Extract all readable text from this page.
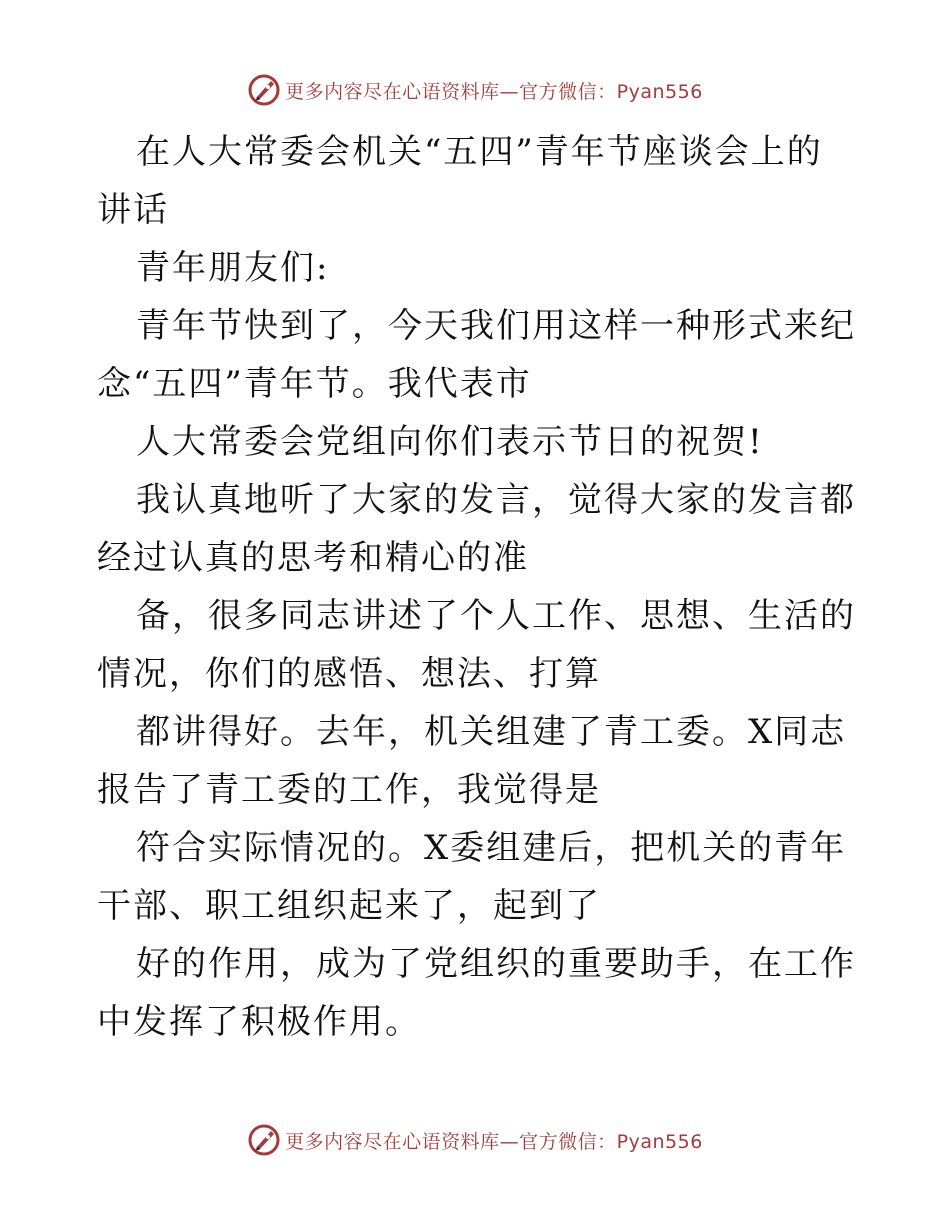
更多内容尽在心语资料库—官方微信：Pyan556

在人大常委会机关“五四”青年节座谈会上的讲话

青年朋友们:

青年节快到了，今天我们用这样一种形式来纪念“五四”青年节。我代表市

人大常委会党组向你们表示节日的祝贺!

我认真地听了大家的发言，觉得大家的发言都经过认真的思考和精心的准

备，很多同志讲述了个人工作、思想、生活的情况，你们的感悟、想法、打算

都讲得好。去年，机关组建了青工委。X同志报告了青工委的工作，我觉得是

符合实际情况的。X委组建后，把机关的青年干部、职工组织起来了，起到了

好的作用，成为了党组织的重要助手，在工作中发挥了积极作用。

更多内容尽在心语资料库—官方微信：Pyan556
